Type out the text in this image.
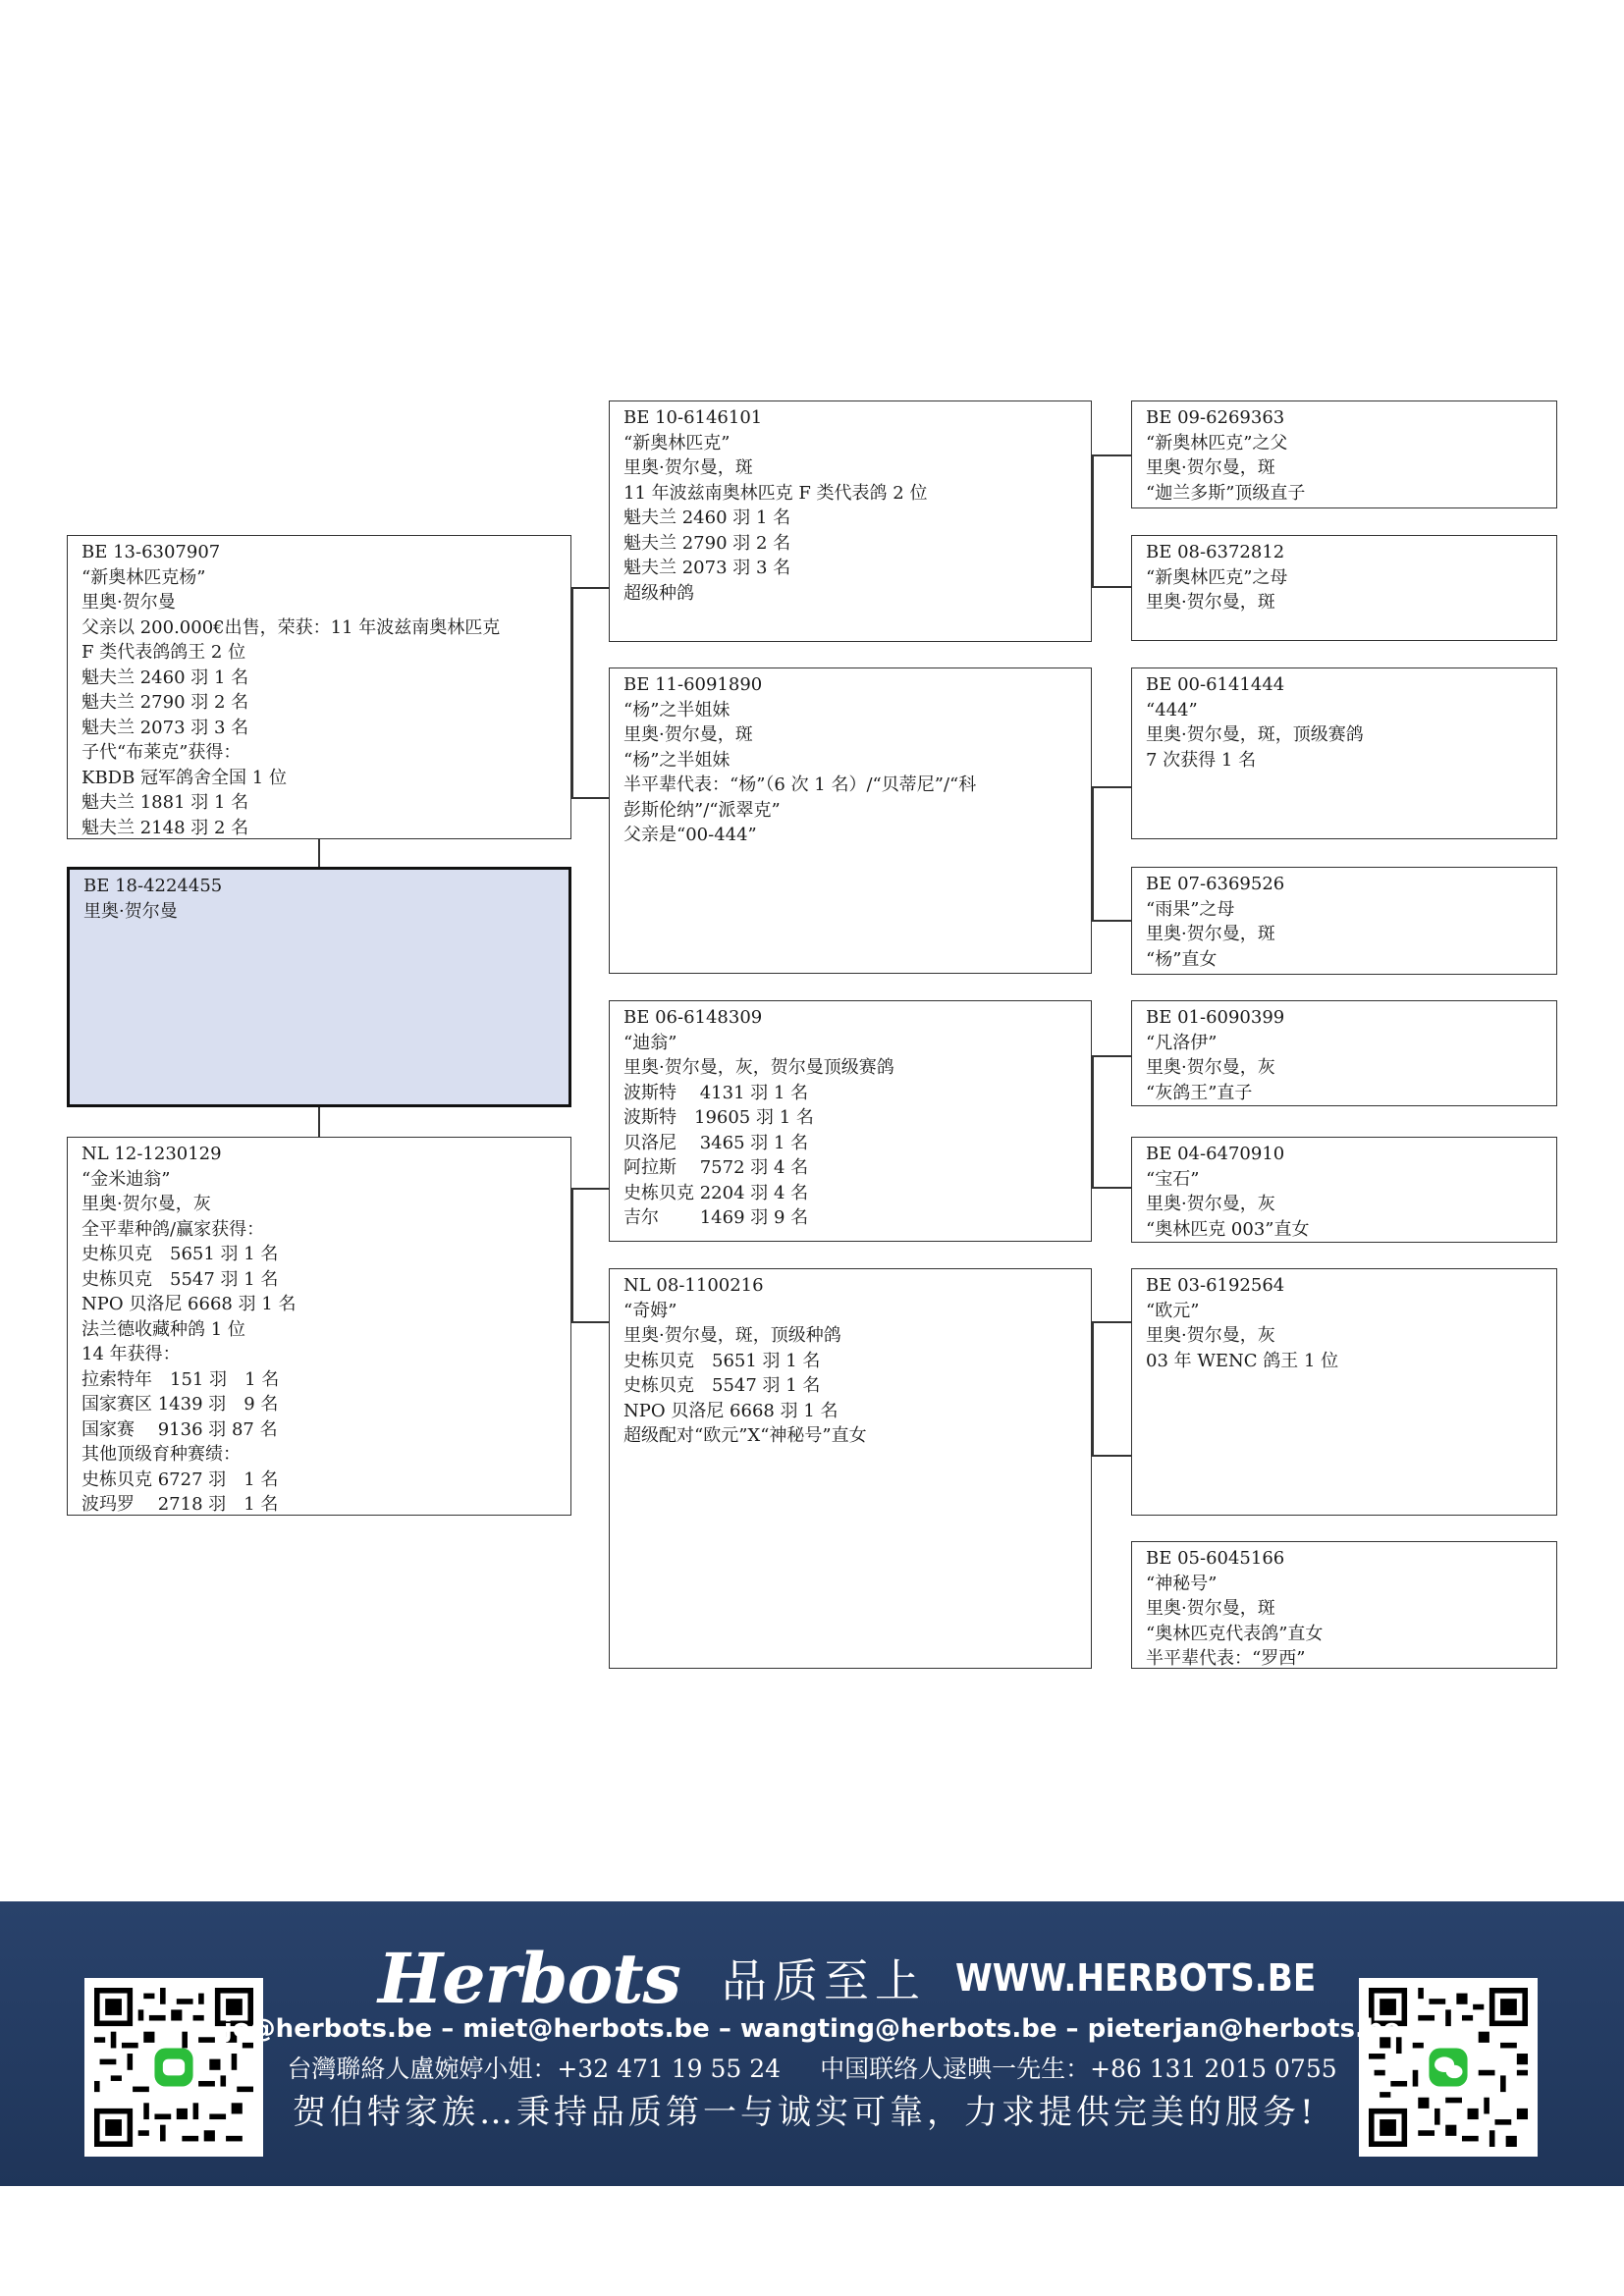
BE 13-6307907
“新奥林匹克杨”
里奥·贺尔曼
父亲以 200.000€出售，荣获：11 年波兹南奥林匹克
F 类代表鸽鸽王 2 位
魁夫兰 2460 羽 1 名
魁夫兰 2790 羽 2 名
魁夫兰 2073 羽 3 名
子代“布莱克”获得：
KBDB 冠军鸽舍全国 1 位
魁夫兰 1881 羽 1 名
魁夫兰 2148 羽 2 名
BE 18-4224455
里奥·贺尔曼
NL 12-1230129
“金米迪翁”
里奥·贺尔曼，灰
全平辈种鸽/赢家获得：
史栋贝克　5651 羽 1 名
史栋贝克　5547 羽 1 名
NPO 贝洛尼 6668 羽 1 名
法兰德收藏种鸽 1 位
14 年获得：
拉索特年　151 羽　1 名
国家赛区 1439 羽　9 名
国家赛　 9136 羽 87 名
其他顶级育种赛绩：
史栋贝克 6727 羽　1 名
波玛罗　 2718 羽　1 名
BE 10-6146101
“新奥林匹克”
里奥·贺尔曼，斑
11 年波兹南奥林匹克 F 类代表鸽 2 位
魁夫兰 2460 羽 1 名
魁夫兰 2790 羽 2 名
魁夫兰 2073 羽 3 名
超级种鸽
BE 11-6091890
“杨”之半姐妹
里奥·贺尔曼，斑
“杨”之半姐妹
半平辈代表：“杨”（6 次 1 名）/“贝蒂尼”/“科
彭斯伦纳”/“派翠克”
父亲是“00-444”
BE 06-6148309
“迪翁”
里奥·贺尔曼，灰，贺尔曼顶级赛鸽
波斯特　 4131 羽 1 名
波斯特　19605 羽 1 名
贝洛尼　 3465 羽 1 名
阿拉斯　 7572 羽 4 名
史栋贝克 2204 羽 4 名
吉尔　　 1469 羽 9 名
NL 08-1100216
“奇姆”
里奥·贺尔曼，斑，顶级种鸽
史栋贝克　5651 羽 1 名
史栋贝克　5547 羽 1 名
NPO 贝洛尼 6668 羽 1 名
超级配对“欧元”X“神秘号”直女
BE 09-6269363
“新奥林匹克”之父
里奥·贺尔曼，斑
“迦兰多斯”顶级直子
BE 08-6372812
“新奥林匹克”之母
里奥·贺尔曼，斑
BE 00-6141444
“444”
里奥·贺尔曼，斑，顶级赛鸽
7 次获得 1 名
BE 07-6369526
“雨果”之母
里奥·贺尔曼，斑
“杨”直女
BE 01-6090399
“凡洛伊”
里奥·贺尔曼，灰
“灰鸽王”直子
BE 04-6470910
“宝石”
里奥·贺尔曼，灰
“奥林匹克 003”直女
BE 03-6192564
“欧元”
里奥·贺尔曼，灰
03 年 WENC 鸽王 1 位
BE 05-6045166
“神秘号”
里奥·贺尔曼，斑
“奥林匹克代表鸽”直女
半平辈代表：“罗西”
Herbots 品质至上 WWW.HERBOTS.BE
jo@herbots.be – miet@herbots.be – wangting@herbots.be – pieterjan@herbots.be
台灣聯絡人盧婉婷小姐：+32 471 19 55 24 中国联络人逯晪一先生：+86 131 2015 0755
贺伯特家族…秉持品质第一与诚实可靠，力求提供完美的服务!
